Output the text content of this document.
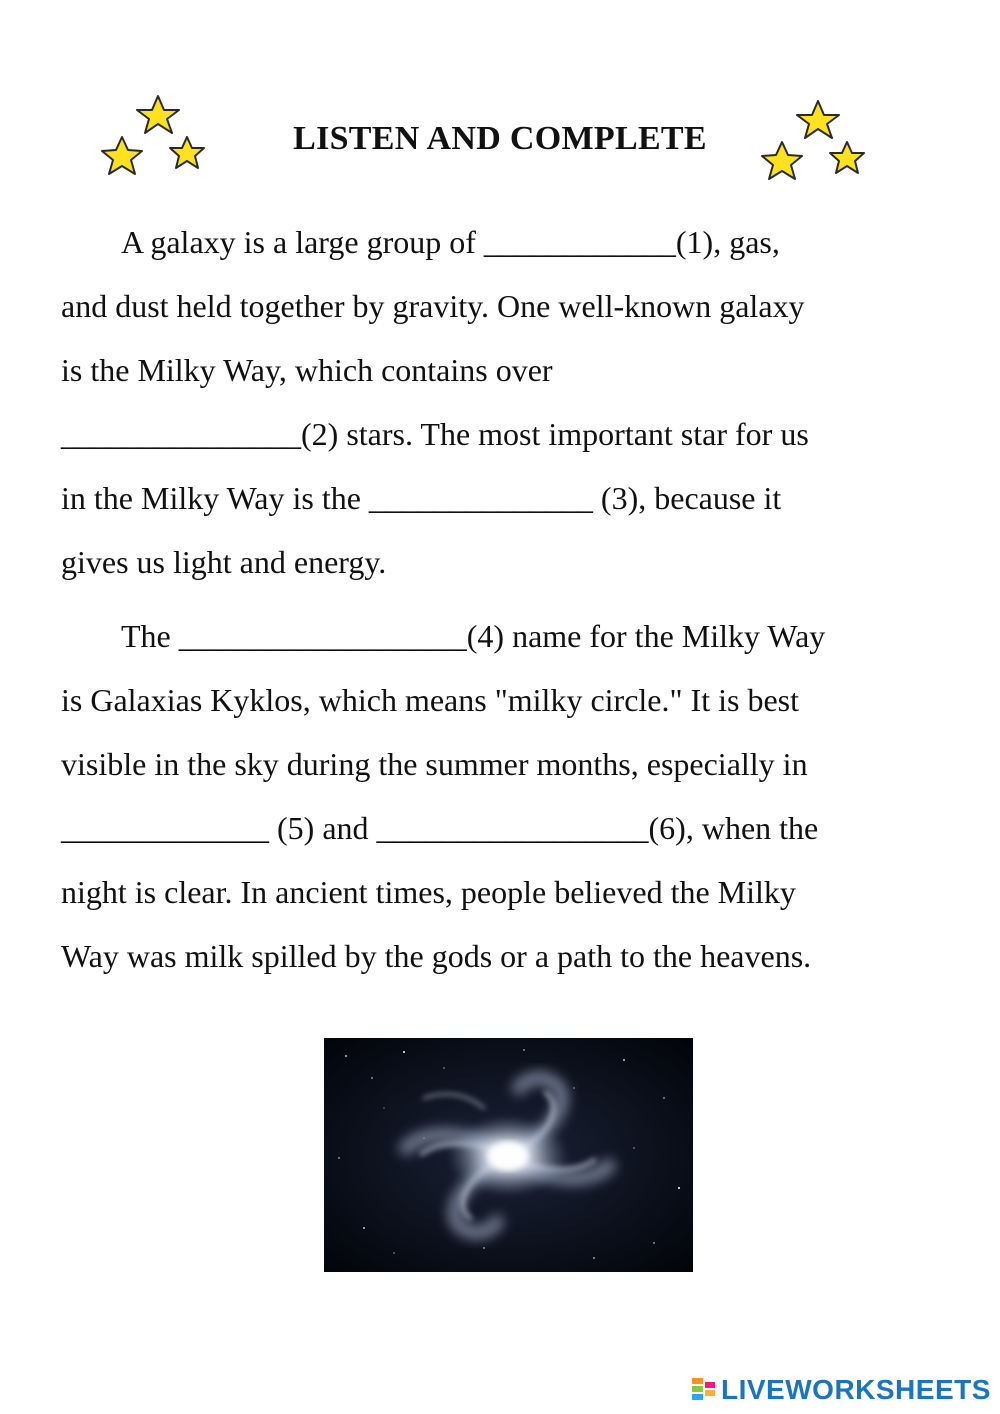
LISTEN AND COMPLETE
A galaxy is a large group of ____________(1), gas,
and dust held together by gravity. One well-known galaxy
is the Milky Way, which contains over
_______________(2) stars. The most important star for us
in the Milky Way is the ______________ (3), because it
gives us light and energy.
The __________________(4) name for the Milky Way
is Galaxias Kyklos, which means "milky circle." It is best
visible in the sky during the summer months, especially in
_____________ (5) and _________________(6), when the
night is clear. In ancient times, people believed the Milky
Way was milk spilled by the gods or a path to the heavens.
LIVEWORKSHEETS
